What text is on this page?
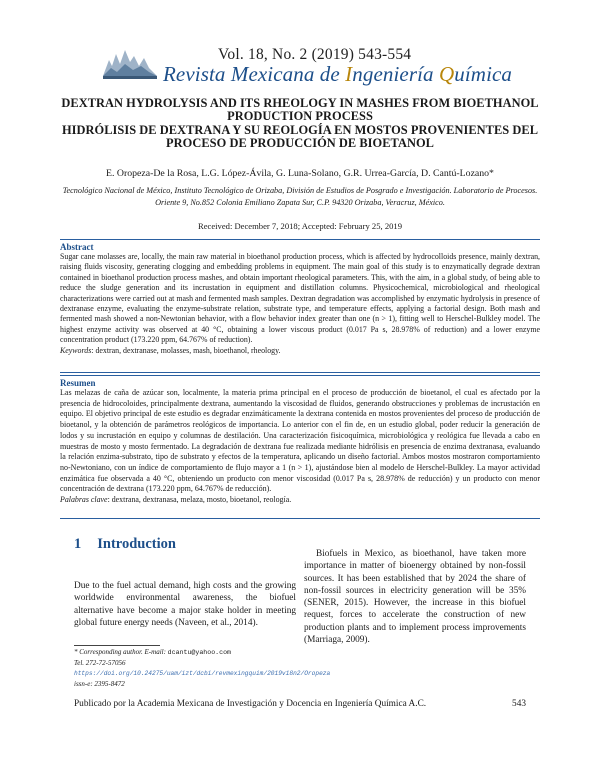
Vol. 18, No. 2 (2019) 543-554
Revista Mexicana de Ingeniería Química
DEXTRAN HYDROLYSIS AND ITS RHEOLOGY IN MASHES FROM BIOETHANOL PRODUCTION PROCESS
HIDRÓLISIS DE DEXTRANA Y SU REOLOGÍA EN MOSTOS PROVENIENTES DEL PROCESO DE PRODUCCIÓN DE BIOETANOL
E. Oropeza-De la Rosa, L.G. López-Ávila, G. Luna-Solano, G.R. Urrea-García, D. Cantú-Lozano*
Tecnológico Nacional de México, Instituto Tecnológico de Orizaba, División de Estudios de Posgrado e Investigación. Laboratorio de Procesos. Oriente 9, No.852 Colonia Emiliano Zapata Sur, C.P. 94320 Orizaba, Veracruz, México.
Received: December 7, 2018; Accepted: February 25, 2019
Abstract

Sugar cane molasses are, locally, the main raw material in bioethanol production process, which is affected by hydrocolloids presence, mainly dextran, raising fluids viscosity, generating clogging and embedding problems in equipment. The main goal of this study is to enzymatically degrade dextran contained in bioethanol production process mashes, and obtain important rheological parameters. This, with the aim, in a global study, of being able to reduce the sludge generation and its incrustation in equipment and distillation columns. Physicochemical, microbiological and rheological characterizations were carried out at mash and fermented mash samples. Dextran degradation was accomplished by enzymatic hydrolysis in presence of dextranase enzyme, evaluating the enzyme-substrate relation, substrate type, and temperature effects, applying a factorial design. Both mash and fermented mash showed a non-Newtonian behavior, with a flow behavior index greater than one (n > 1), fitting well to Herschel-Bulkley model. The highest enzyme activity was observed at 40 °C, obtaining a lower viscous product (0.017 Pa s, 28.978% of reduction) and a lower enzyme concentration product (173.220 ppm, 64.767% of reduction).

Keywords: dextran, dextranase, molasses, mash, bioethanol, rheology.
Resumen

Las melazas de caña de azúcar son, localmente, la materia prima principal en el proceso de producción de bioetanol, el cual es afectado por la presencia de hidrocoloides, principalmente dextrana, aumentando la viscosidad de fluidos, generando obstrucciones y problemas de incrustación en equipo. El objetivo principal de este estudio es degradar enzimáticamente la dextrana contenida en mostos provenientes del proceso de producción de bioetanol, y la obtención de parámetros reológicos de importancia. Lo anterior con el fin de, en un estudio global, poder reducir la generación de lodos y su incrustación en equipo y columnas de destilación. Una caracterización fisicoquímica, microbiológica y reológica fue llevada a cabo en muestras de mosto y mosto fermentado. La degradación de dextrana fue realizada mediante hidrólisis en presencia de enzima dextranasa, evaluando la relación enzima-substrato, tipo de substrato y efectos de la temperatura, aplicando un diseño factorial. Ambos mostos mostraron comportamiento no-Newtoniano, con un índice de comportamiento de flujo mayor a 1 (n > 1), ajustándose bien al modelo de Herschel-Bulkley. La mayor actividad enzimática fue observada a 40 °C, obteniendo un producto con menor viscosidad (0.017 Pa s, 28.978% de reducción) y un producto con menor concentración de dextrana (173.220 ppm, 64.767% de reducción).

Palabras clave: dextrana, dextranasa, melaza, mosto, bioetanol, reología.
1 Introduction
Due to the fuel actual demand, high costs and the growing worldwide environmental awareness, the biofuel alternative have become a major stake holder in meeting global future energy needs (Naveen, et al., 2014).
Biofuels in Mexico, as bioethanol, have taken more importance in matter of bioenergy obtained by non-fossil sources. It has been established that by 2024 the share of non-fossil sources in electricity generation will be 35% (SENER, 2015). However, the increase in this biofuel request, forces to accelerate the construction of new production plants and to implement process improvements (Marriaga, 2009).
* Corresponding author. E-mail: dcantu@yahoo.com
Tel. 272-72-57056
https://doi.org/10.24275/uam/izt/dcbi/revmexingquim/2019v18n2/Oropeza
issn-e: 2395-8472
Publicado por la Academia Mexicana de Investigación y Docencia en Ingeniería Química A.C.	543
